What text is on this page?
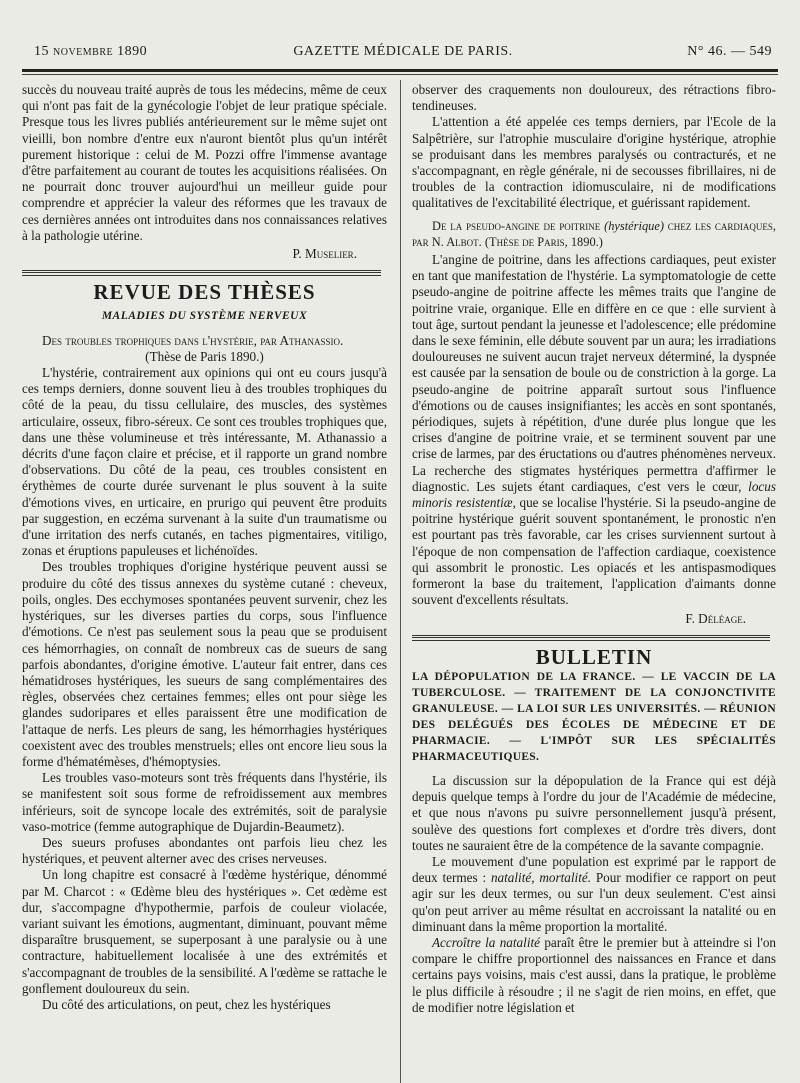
15 novembre 1890	GAZETTE MÉDICALE DE PARIS.	N° 46. — 549

succès du nouveau traité auprès de tous les médecins, même de ceux qui n'ont pas fait de la gynécologie l'objet de leur pratique spéciale. Presque tous les livres publiés antérieurement sur le même sujet ont vieilli, bon nombre d'entre eux n'auront bientôt plus qu'un intérêt purement historique : celui de M. Pozzi offre l'immense avantage d'être parfaitement au courant de toutes les acquisitions réalisées. On ne pourrait donc trouver aujourd'hui un meilleur guide pour comprendre et apprécier la valeur des réformes que les travaux de ces dernières années ont introduites dans nos connaissances relatives à la pathologie utérine.

P. Muselier.

REVUE DES THÈSES
MALADIES DU SYSTÈME NERVEUX

Des troubles trophiques dans l'hystérie, par Athanassio.

(Thèse de Paris 1890.)

L'hystérie, contrairement aux opinions qui ont eu cours jusqu'à ces temps derniers, donne souvent lieu à des troubles trophiques du côté de la peau, du tissu cellulaire, des muscles, des systèmes articulaire, osseux, fibro-séreux. Ce sont ces troubles trophiques que, dans une thèse volumineuse et très intéressante, M. Athanassio a décrits d'une façon claire et précise, et il rapporte un grand nombre d'observations. Du côté de la peau, ces troubles consistent en érythèmes de courte durée survenant le plus souvent à la suite d'émotions vives, en urticaire, en prurigo qui peuvent être produits par suggestion, en eczéma survenant à la suite d'un traumatisme ou d'une irritation des nerfs cutanés, en taches pigmentaires, vitiligo, zonas et éruptions papuleuses et lichénoïdes.

Des troubles trophiques d'origine hystérique peuvent aussi se produire du côté des tissus annexes du système cutané : cheveux, poils, ongles. Des ecchymoses spontanées peuvent survenir, chez les hystériques, sur les diverses parties du corps, sous l'influence d'émotions. Ce n'est pas seulement sous la peau que se produisent ces hémorrhagies, on connaît de nombreux cas de sueurs de sang parfois abondantes, d'origine émotive. L'auteur fait entrer, dans ces hématidroses hystériques, les sueurs de sang complémentaires des règles, observées chez certaines femmes; elles ont pour siège les glandes sudoripares et elles paraissent être une modification de l'attaque de nerfs. Les pleurs de sang, les hémorrhagies hystériques coexistent avec des troubles menstruels; elles ont encore lieu sous la forme d'hématémèses, d'hémoptysies.

Les troubles vaso-moteurs sont très fréquents dans l'hystérie, ils se manifestent soit sous forme de refroidissement aux membres inférieurs, soit de syncope locale des extrémités, soit de paralysie vaso-motrice (femme autographique de Dujardin-Beaumetz).

Des sueurs profuses abondantes ont parfois lieu chez les hystériques, et peuvent alterner avec des crises nerveuses.

Un long chapitre est consacré à l'œdème hystérique, dénommé par M. Charcot : « Œdème bleu des hystériques ». Cet œdème est dur, s'accompagne d'hypothermie, parfois de couleur violacée, variant suivant les émotions, augmentant, diminuant, pouvant même disparaître brusquement, se superposant à une paralysie ou à une contracture, habituellement localisée à une des extrémités et s'accompagnant de troubles de la sensibilité. A l'œdème se rattache le gonflement douloureux du sein.

Du côté des articulations, on peut, chez les hystériques

observer des craquements non douloureux, des rétractions fibro-tendineuses.

L'attention a été appelée ces temps derniers, par l'Ecole de la Salpêtrière, sur l'atrophie musculaire d'origine hystérique, atrophie se produisant dans les membres paralysés ou contracturés, et ne s'accompagnant, en règle générale, ni de secousses fibrillaires, ni de troubles de la contraction idiomusculaire, ni de modifications qualitatives de l'excitabilité électrique, et guérissant rapidement.

De la pseudo-angine de poitrine (hystérique) chez les cardiaques, par N. Albot. (Thèse de Paris, 1890.)

L'angine de poitrine, dans les affections cardiaques, peut exister en tant que manifestation de l'hystérie. La symptomatologie de cette pseudo-angine de poitrine affecte les mêmes traits que l'angine de poitrine vraie, organique. Elle en diffère en ce que : elle survient à tout âge, surtout pendant la jeunesse et l'adolescence; elle prédomine dans le sexe féminin, elle débute souvent par un aura; les irradiations douloureuses ne suivent aucun trajet nerveux déterminé, la dyspnée est causée par la sensation de boule ou de constriction à la gorge. La pseudo-angine de poitrine apparaît surtout sous l'influence d'émotions ou de causes insignifiantes; les accès en sont spontanés, périodiques, sujets à répétition, d'une durée plus longue que les crises d'angine de poitrine vraie, et se terminent souvent par une crise de larmes, par des éructations ou d'autres phénomènes nerveux. La recherche des stigmates hystériques permettra d'affirmer le diagnostic. Les sujets étant cardiaques, c'est vers le cœur, locus minoris resistentiæ, que se localise l'hystérie. Si la pseudo-angine de poitrine hystérique guérit souvent spontanément, le pronostic n'en est pourtant pas très favorable, car les crises surviennent surtout à l'époque de non compensation de l'affection cardiaque, coexistence qui assombrit le pronostic. Les opiacés et les antispasmodiques formeront la base du traitement, l'application d'aimants donne souvent d'excellents résultats.

F. Déléage.

BULLETIN
LA DÉPOPULATION DE LA FRANCE. — LE VACCIN DE LA TUBERCULOSE. — TRAITEMENT DE LA CONJONCTIVITE GRANULEUSE. — LA LOI SUR LES UNIVERSITÉS. — RÉUNION DES DELÉGUÉS DES ÉCOLES DE MÉDECINE ET DE PHARMACIE. — L'IMPÔT SUR LES SPÉCIALITÉS PHARMACEUTIQUES.

La discussion sur la dépopulation de la France qui est déjà depuis quelque temps à l'ordre du jour de l'Académie de médecine, et que nous n'avons pu suivre personnellement jusqu'à présent, soulève des questions fort complexes et d'ordre très divers, dont toutes ne sauraient être de la compétence de la savante compagnie.

Le mouvement d'une population est exprimé par le rapport de deux termes : natalité, mortalité. Pour modifier ce rapport on peut agir sur les deux termes, ou sur l'un deux seulement. C'est ainsi qu'on peut arriver au même résultat en accroissant la natalité ou en diminuant dans la même proportion la mortalité.

Accroître la natalité paraît être le premier but à atteindre si l'on compare le chiffre proportionnel des naissances en France et dans certains pays voisins, mais c'est aussi, dans la pratique, le problème le plus difficile à résoudre ; il ne s'agit de rien moins, en effet, que de modifier notre législation et
